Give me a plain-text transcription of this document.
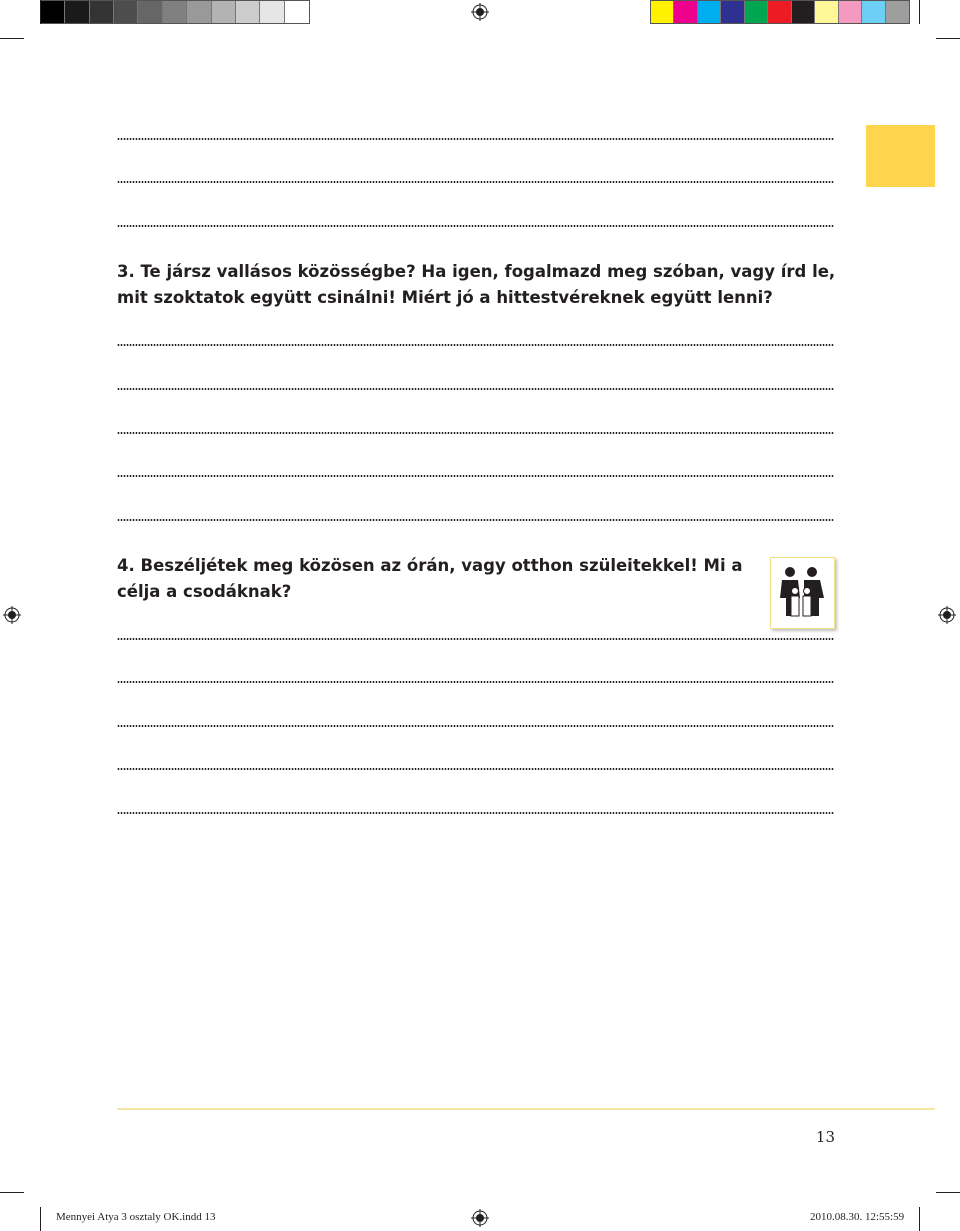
3. Te jársz vallásos közösségbe? Ha igen, fogalmazd meg szóban, vagy írd le, mit szoktatok együtt csinálni! Miért jó a hittestvéreknek együtt lenni?

4. Beszéljétek meg közösen az órán, vagy otthon szüleitekkel! Mi a célja a csodáknak?

13
Mennyei Atya 3 osztaly OK.indd 13	2010.08.30. 12:55:59
